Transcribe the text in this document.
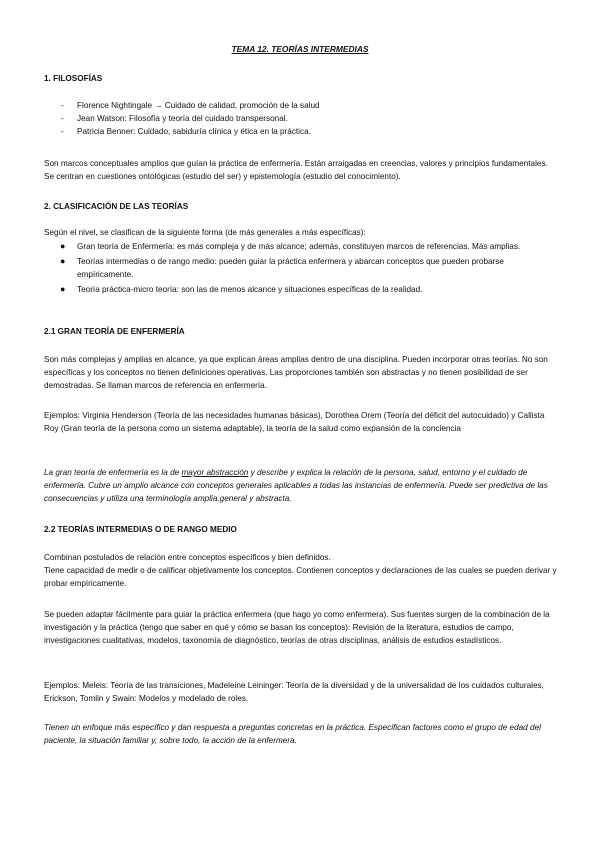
TEMA 12. TEORÍAS INTERMEDIAS
1. FILOSOFÍAS
- Florence Nightingale → Cuidado de calidad, promoción de la salud
- Jean Watson: Filosofía y teoría del cuidado transpersonal.
- Patricia Benner: Cuidado, sabiduría clínica y ética en la práctica.

Son marcos conceptuales amplios que guían la práctica de enfermería. Están arraigadas en creencias, valores y principios fundamentales. Se centran en cuestiones ontológicas (estudio del ser) y epistemología (estudio del conocimiento).

2. CLASIFICACIÓN DE LAS TEORÍAS

Según el nivel, se clasifican de la siguiente forma (de más generales a más específicas):

● Gran teoría de Enfermería: es más compleja y de más alcance; además, constituyen marcos de referencias. Más amplias.
● Teorías intermedias o de rango medio: pueden guiar la práctica enfermera y abarcan conceptos que pueden probarse empíricamente.
● Teoría práctica-micro teoría: son las de menos alcance y situaciones específicas de la realidad.
2.1 GRAN TEORÍA DE ENFERMERÍA

Son más complejas y amplias en alcance, ya que explican áreas amplias dentro de una disciplina. Pueden incorporar otras teorías. No son específicas y los conceptos no tienen definiciones operativas. Las proporciones también son abstractas y no tienen posibilidad de ser demostradas. Se llaman marcos de referencia en enfermería.

Ejemplos: Virginia Henderson (Teoría de las necesidades humanas básicas), Dorothea Orem (Teoría del déficit del autocuidado) y Callista Roy (Gran teoría de la persona como un sistema adaptable), la teoría de la salud como expansión de la conciencia

La gran teoría de enfermería es la de mayor abstracción y describe y explica la relación de la persona, salud, entorno y el cuidado de enfermería. Cubre un amplio alcance con conceptos generales aplicables a todas las instancias de enfermería. Puede ser predictiva de las consecuencias y utiliza una terminología amplia,general y abstracta.

2.2 TEORÍAS INTERMEDIAS O DE RANGO MEDIO

Combinan postulados de relación entre conceptos específicos y bien definidos.

Tiene capacidad de medir o de calificar objetivamente los conceptos. Contienen conceptos y declaraciones de las cuales se pueden derivar y probar empíricamente.

Se pueden adaptar fácilmente para guiar la práctica enfermera (que hago yo como enfermera). Sus fuentes surgen de la combinación de la investigación y la práctica (tengo que saber en qué y cómo se basan los conceptos): Revisión de la literatura, estudios de campo, investigaciones cualitativas, modelos, taxonomía de diagnóstico, teorías de otras disciplinas, análisis de estudios estadísticos.

Ejemplos: Meleis: Teoría de las transiciones, Madeleine Leininger: Teoría de la diversidad y de la universalidad de los cuidados culturales, Erickson, Tomlin y Swain: Modelos y modelado de roles.

Tienen un enfoque más específico y dan respuesta a preguntas concretas en la práctica. Especifican factores como el grupo de edad del paciente, la situación familiar y, sobre todo, la acción de la enfermera.
